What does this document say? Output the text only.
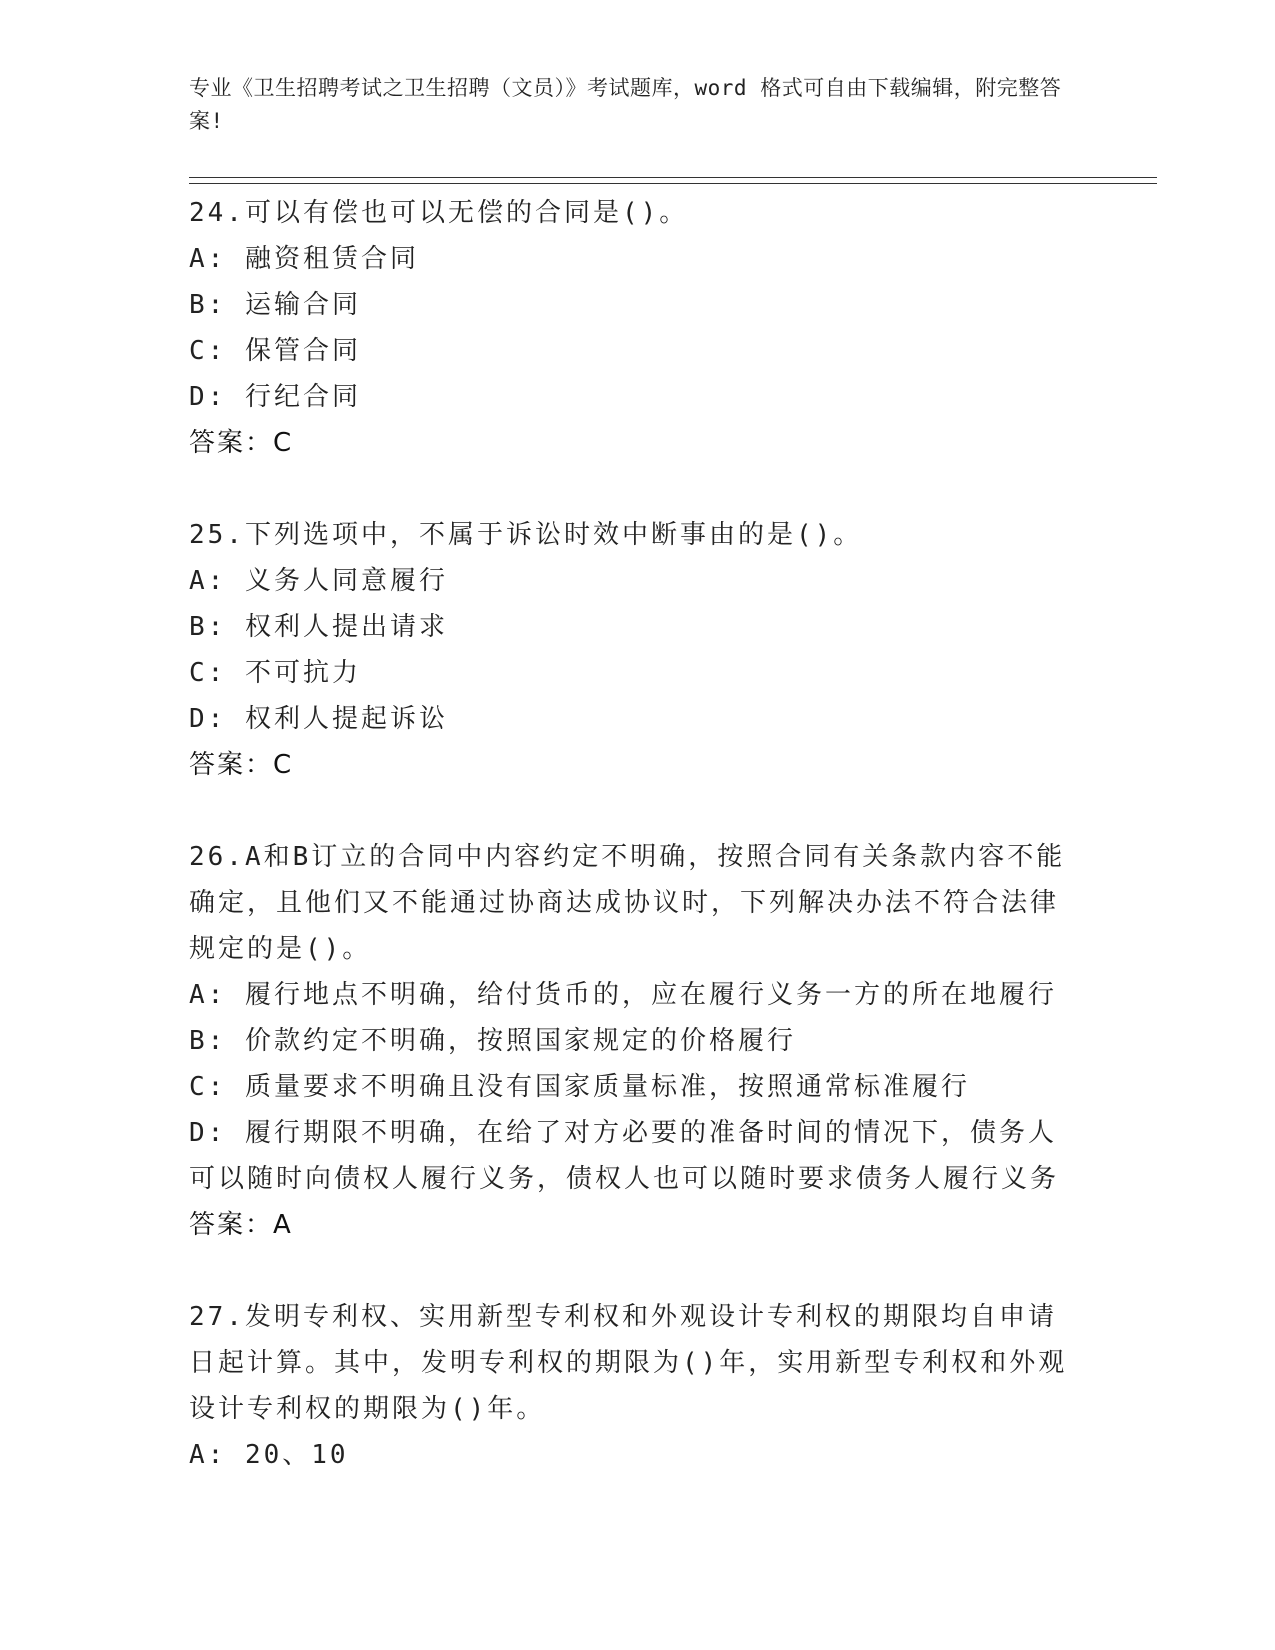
专业《卫生招聘考试之卫生招聘（文员）》考试题库，word 格式可自由下载编辑，附完整答案!

24.可以有偿也可以无偿的合同是()。

A: 融资租赁合同

B: 运输合同

C: 保管合同

D: 行纪合同

答案：C

25.下列选项中，不属于诉讼时效中断事由的是()。

A: 义务人同意履行

B: 权利人提出请求

C: 不可抗力

D: 权利人提起诉讼

答案：C

26.A和B订立的合同中内容约定不明确，按照合同有关条款内容不能确定，且他们又不能通过协商达成协议时，下列解决办法不符合法律规定的是()。

A: 履行地点不明确，给付货币的，应在履行义务一方的所在地履行

B: 价款约定不明确，按照国家规定的价格履行

C: 质量要求不明确且没有国家质量标准，按照通常标准履行

D: 履行期限不明确，在给了对方必要的准备时间的情况下，债务人可以随时向债权人履行义务，债权人也可以随时要求债务人履行义务

答案：A

27.发明专利权、实用新型专利权和外观设计专利权的期限均自申请日起计算。其中，发明专利权的期限为()年，实用新型专利权和外观设计专利权的期限为()年。

A: 20、10
